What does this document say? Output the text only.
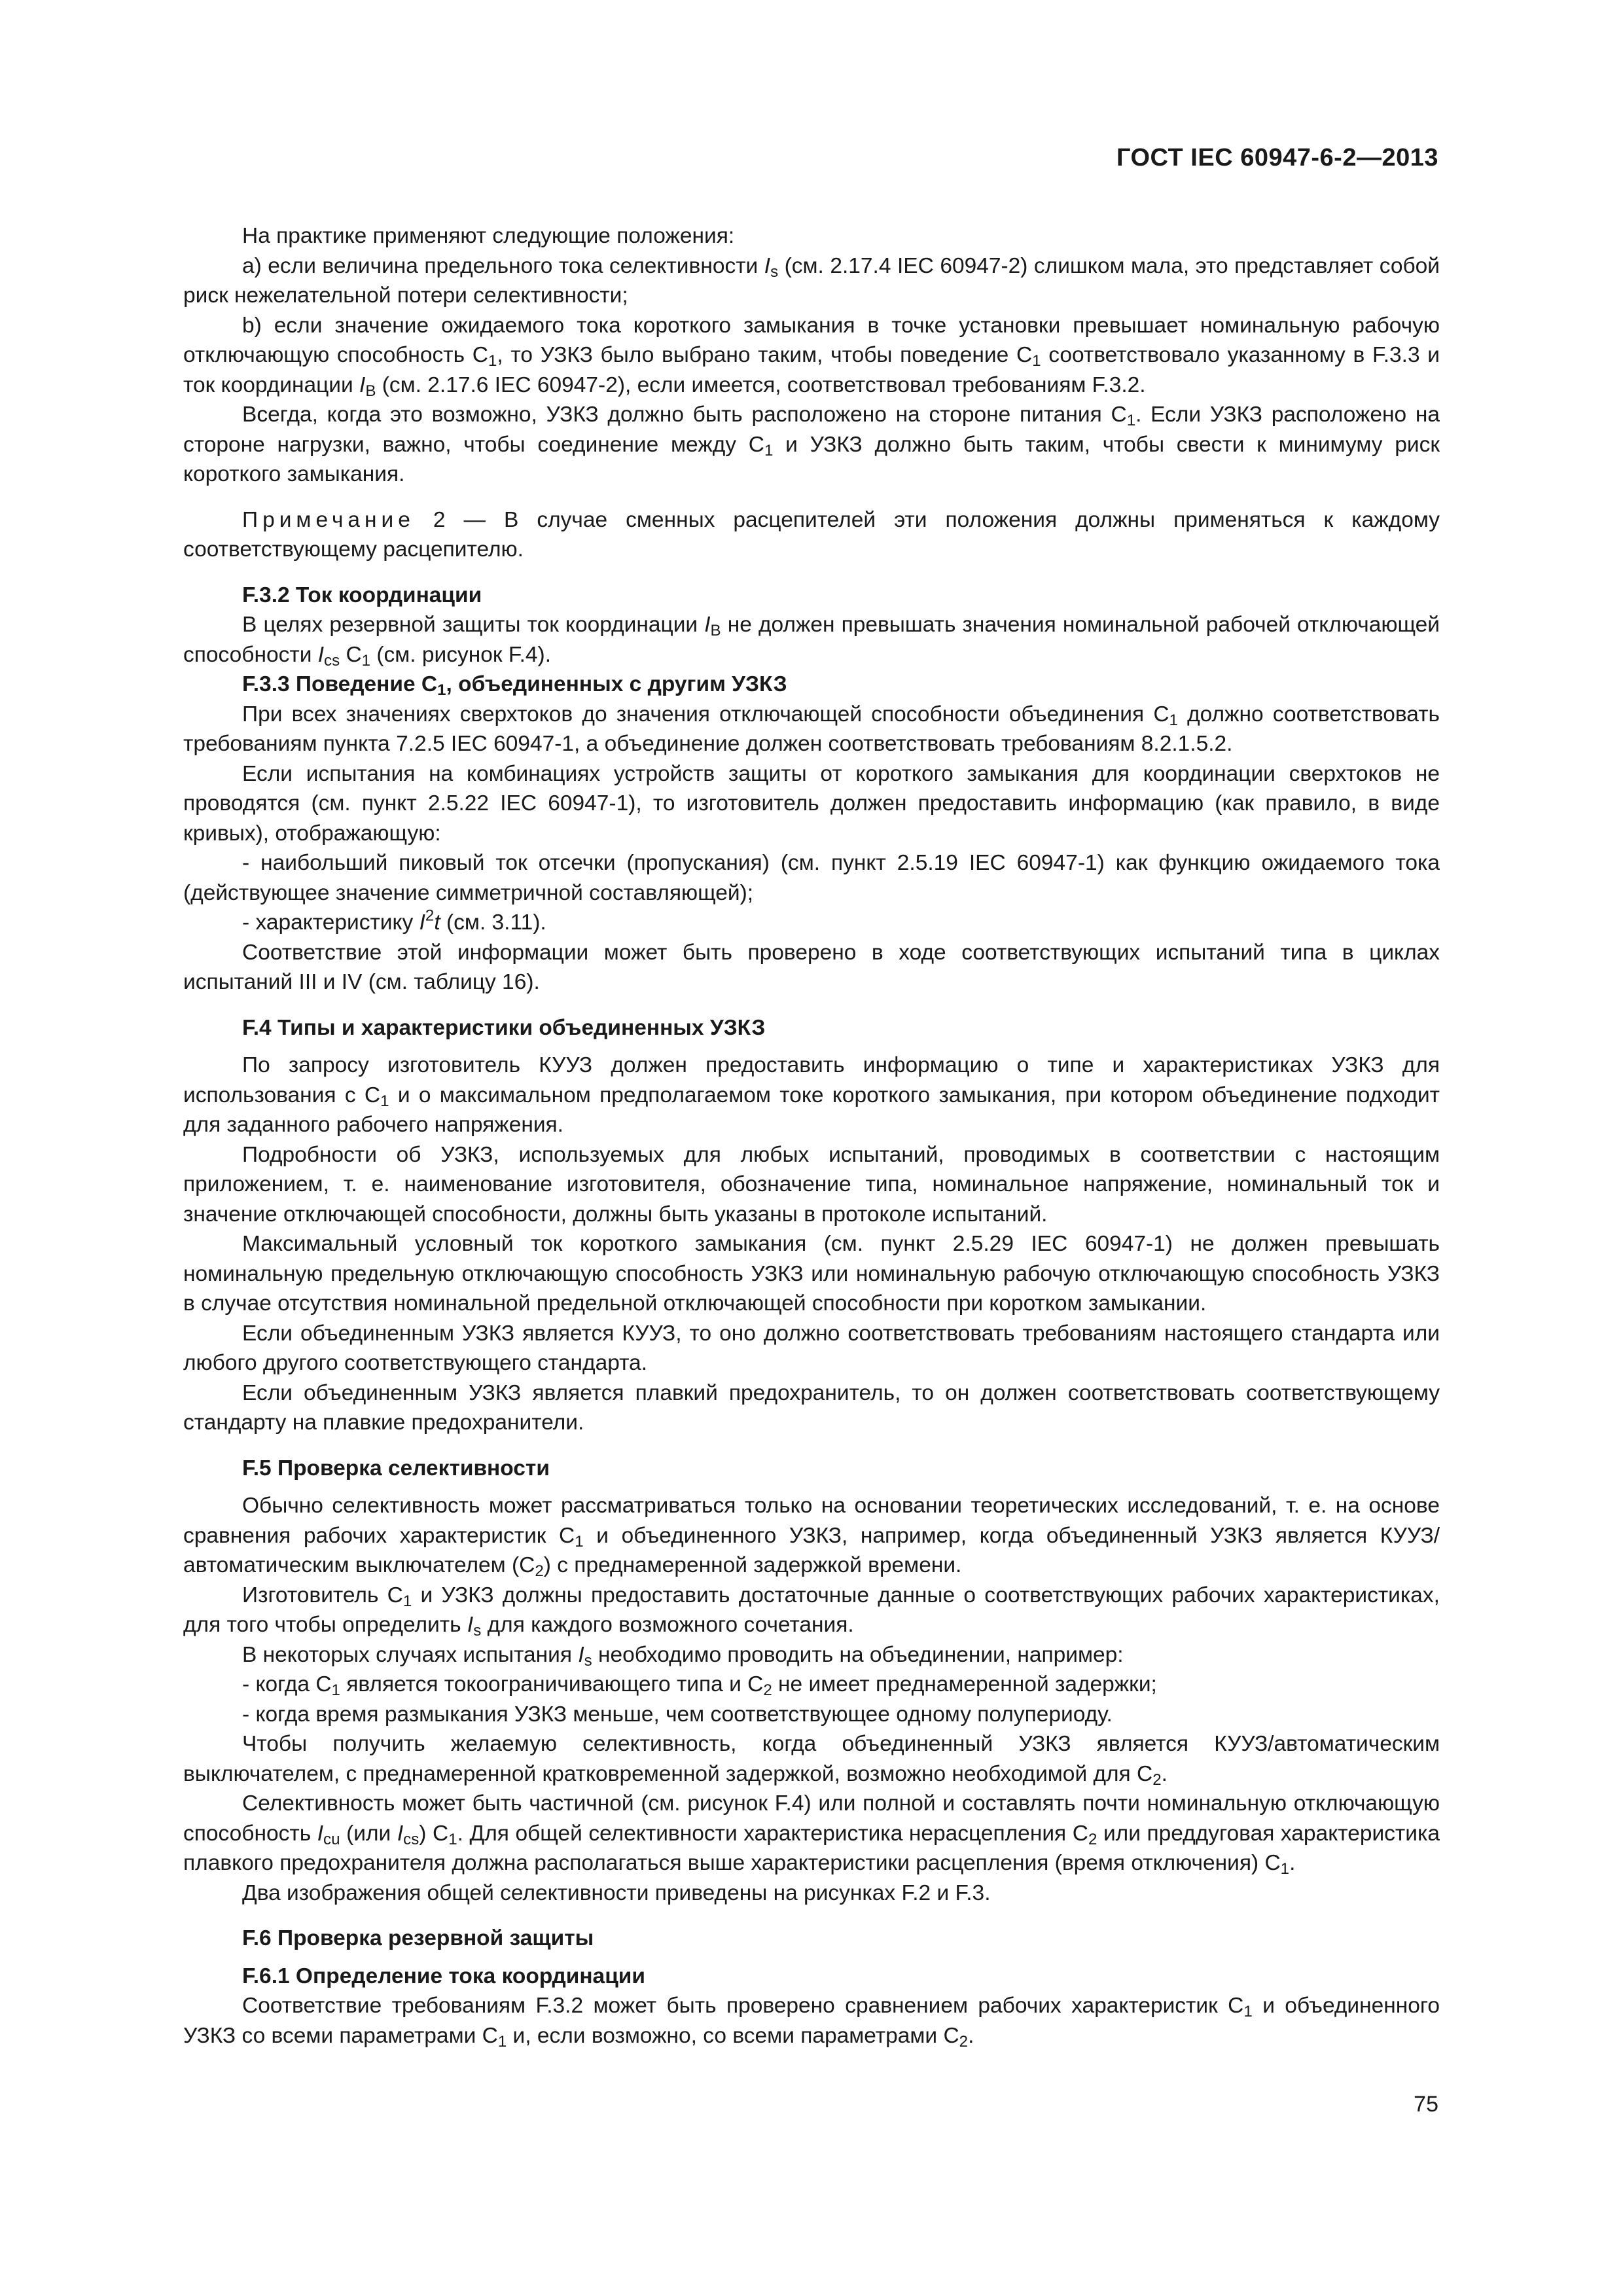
ГОСТ IEC 60947-6-2—2013

На практике применяют следующие положения:

а) если величина предельного тока селективности $I_s$ (см. 2.17.4 IEC 60947-2) слишком мала, это представляет собой риск нежелательной потери селективности;

b) если значение ожидаемого тока короткого замыкания в точке установки превышает номинальную рабочую отключающую способность $С_1$, то УЗКЗ было выбрано таким, чтобы поведение $С_1$ соответствовало указанному в F.3.3 и ток координации $I_B$ (см. 2.17.6 IEC 60947-2), если имеется, соответствовал требованиям F.3.2.

Всегда, когда это возможно, УЗКЗ должно быть расположено на стороне питания $С_1$. Если УЗКЗ расположено на стороне нагрузки, важно, чтобы соединение между $С_1$ и УЗКЗ должно быть таким, чтобы свести к минимуму риск короткого замыкания.

Примечание 2 — В случае сменных расцепителей эти положения должны применяться к каждому соответствующему расцепителю.

F.3.2 Ток координации

В целях резервной защиты ток координации $I_B$ не должен превышать значения номинальной рабочей отключающей способности $I_{cs}$ $С_1$ (см. рисунок F.4).

F.3.3 Поведение $С_1$, объединенных с другим УЗКЗ

При всех значениях сверхтоков до значения отключающей способности объединения $С_1$ должно соответствовать требованиям пункта 7.2.5 IEC 60947-1, а объединение должен соответствовать требованиям 8.2.1.5.2.

Если испытания на комбинациях устройств защиты от короткого замыкания для координации сверхтоков не проводятся (см. пункт 2.5.22 IEC 60947-1), то изготовитель должен предоставить информацию (как правило, в виде кривых), отображающую:

- наибольший пиковый ток отсечки (пропускания) (см. пункт 2.5.19 IEC 60947-1) как функцию ожидаемого тока (действующее значение симметричной составляющей);

- характеристику $I^2t$ (см. 3.11).

Соответствие этой информации может быть проверено в ходе соответствующих испытаний типа в циклах испытаний III и IV (см. таблицу 16).

F.4 Типы и характеристики объединенных УЗКЗ

По запросу изготовитель КУУЗ должен предоставить информацию о типе и характеристиках УЗКЗ для использования с $С_1$ и о максимальном предполагаемом токе короткого замыкания, при котором объединение подходит для заданного рабочего напряжения.

Подробности об УЗКЗ, используемых для любых испытаний, проводимых в соответствии с настоящим приложением, т. е. наименование изготовителя, обозначение типа, номинальное напряжение, номинальный ток и значение отключающей способности, должны быть указаны в протоколе испытаний.

Максимальный условный ток короткого замыкания (см. пункт 2.5.29 IEC 60947-1) не должен превышать номинальную предельную отключающую способность УЗКЗ или номинальную рабочую отключающую способность УЗКЗ в случае отсутствия номинальной предельной отключающей способности при коротком замыкании.

Если объединенным УЗКЗ является КУУЗ, то оно должно соответствовать требованиям настоящего стандарта или любого другого соответствующего стандарта.

Если объединенным УЗКЗ является плавкий предохранитель, то он должен соответствовать соответствующему стандарту на плавкие предохранители.

F.5 Проверка селективности

Обычно селективность может рассматриваться только на основании теоретических исследований, т. е. на основе сравнения рабочих характеристик $С_1$ и объединенного УЗКЗ, например, когда объединенный УЗКЗ является КУУЗ/автоматическим выключателем $(С_2)$ с преднамеренной задержкой времени.

Изготовитель $С_1$ и УЗКЗ должны предоставить достаточные данные о соответствующих рабочих характеристиках, для того чтобы определить $I_s$ для каждого возможного сочетания.

В некоторых случаях испытания $I_s$ необходимо проводить на объединении, например:

- когда $С_1$ является токоограничивающего типа и $С_2$ не имеет преднамеренной задержки;

- когда время размыкания УЗКЗ меньше, чем соответствующее одному полупериоду.

Чтобы получить желаемую селективность, когда объединенный УЗКЗ является КУУЗ/автоматическим выключателем, с преднамеренной кратковременной задержкой, возможно необходимой для $С_2$.

Селективность может быть частичной (см. рисунок F.4) или полной и составлять почти номинальную отключающую способность $I_{cu}$ (или $I_{cs}$) $С_1$. Для общей селективности характеристика нерасцепления $С_2$ или преддуговая характеристика плавкого предохранителя должна располагаться выше характеристики расцепления (время отключения) $С_1$.

Два изображения общей селективности приведены на рисунках F.2 и F.3.

F.6 Проверка резервной защиты

F.6.1 Определение тока координации

Соответствие требованиям F.3.2 может быть проверено сравнением рабочих характеристик $С_1$ и объединенного УЗКЗ со всеми параметрами $С_1$ и, если возможно, со всеми параметрами $С_2$.

75
